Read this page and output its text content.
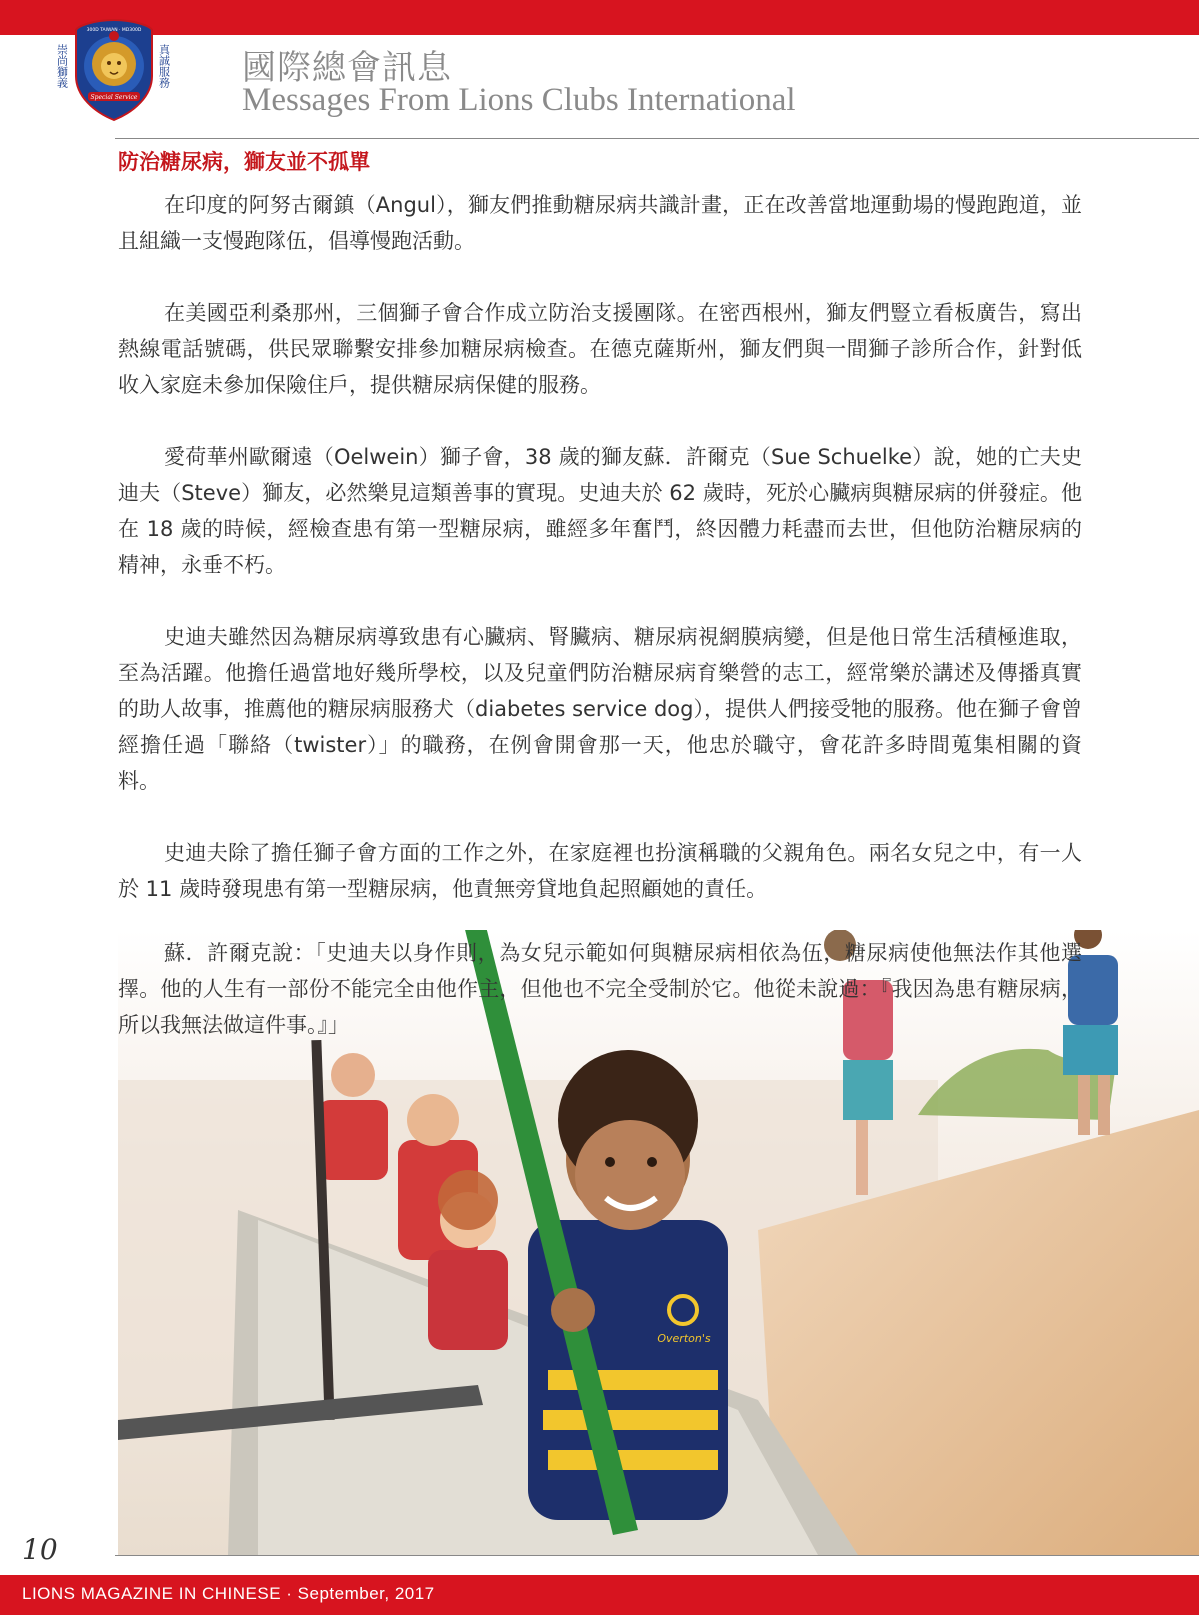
崇尚獅義	真誠服務
300D TAIWAN · MD300D
Special Service
國際總會訊息
Messages From Lions Clubs International
防治糖尿病，獅友並不孤單
Overton's

在印度的阿努古爾鎮（Angul），獅友們推動糖尿病共識計畫，正在改善當地運動場的慢跑跑道，並且組織一支慢跑隊伍，倡導慢跑活動。

在美國亞利桑那州，三個獅子會合作成立防治支援團隊。在密西根州，獅友們豎立看板廣告，寫出熱線電話號碼，供民眾聯繫安排參加糖尿病檢查。在德克薩斯州，獅友們與一間獅子診所合作，針對低收入家庭未參加保險住戶，提供糖尿病保健的服務。

愛荷華州歐爾遠（Oelwein）獅子會，38 歲的獅友蘇．許爾克（Sue Schuelke）說，她的亡夫史迪夫（Steve）獅友，必然樂見這類善事的實現。史迪夫於 62 歲時，死於心臟病與糖尿病的併發症。他在 18 歲的時候，經檢查患有第一型糖尿病，雖經多年奮鬥，終因體力耗盡而去世，但他防治糖尿病的精神，永垂不朽。

史迪夫雖然因為糖尿病導致患有心臟病、腎臟病、糖尿病視網膜病變，但是他日常生活積極進取，至為活躍。他擔任過當地好幾所學校，以及兒童們防治糖尿病育樂營的志工，經常樂於講述及傳播真實的助人故事，推薦他的糖尿病服務犬（diabetes service dog），提供人們接受牠的服務。他在獅子會曾經擔任過「聯絡（twister）」的職務，在例會開會那一天，他忠於職守，會花許多時間蒐集相關的資料。

史迪夫除了擔任獅子會方面的工作之外，在家庭裡也扮演稱職的父親角色。兩名女兒之中，有一人於 11 歲時發現患有第一型糖尿病，他責無旁貸地負起照顧她的責任。

蘇．許爾克說：「史迪夫以身作則，為女兒示範如何與糖尿病相依為伍，糖尿病使他無法作其他選擇。他的人生有一部份不能完全由他作主，但他也不完全受制於它。他從未說過：『我因為患有糖尿病，所以我無法做這件事。』」

10
LIONS MAGAZINE IN CHINESE · September, 2017
